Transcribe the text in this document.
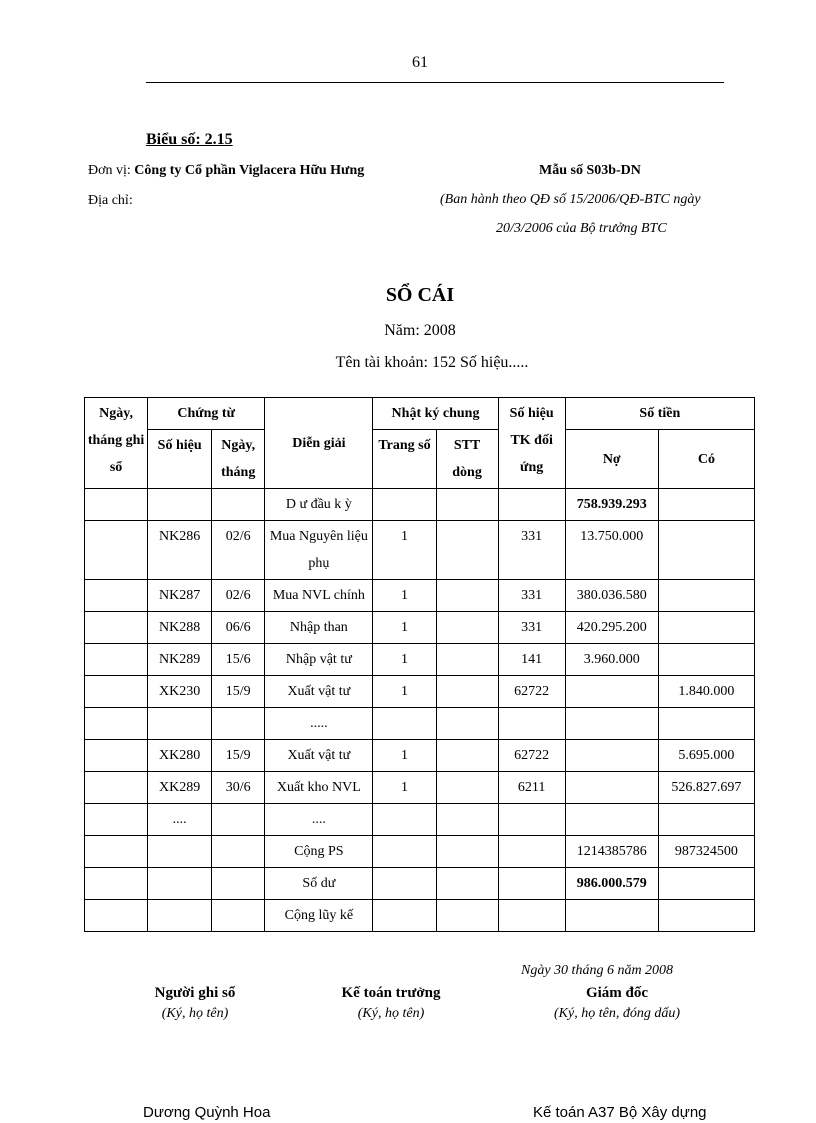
61
Biểu số: 2.15
Đơn vị: Công ty Cổ phần Viglacera Hữu Hưng
Địa chỉ:
Mẫu số S03b-DN
(Ban hành theo QĐ số 15/2006/QĐ-BTC ngày
20/3/2006 của Bộ trưởng BTC
SỔ CÁI
Năm: 2008
Tên tài khoản: 152 Số hiệu.....
Ngày, tháng ghi sổ	Chứng từ		Diễn giải	Nhật ký chung		Số hiệu TK đối ứng	Số tiền	
	Số hiệu	Ngày, tháng		Trang số	STT dòng		Nợ	Có
			D ư đầu k ỳ				758.939.293	
	NK286	02/6	Mua Nguyên liệu phụ	1		331	13.750.000	
	NK287	02/6	Mua NVL chính	1		331	380.036.580	
	NK288	06/6	Nhập than	1		331	420.295.200	
	NK289	15/6	Nhập vật tư	1		141	3.960.000	
	XK230	15/9	Xuất vật tư	1		62722		1.840.000
			.....					
	XK280	15/9	Xuất vật tư	1		62722		5.695.000
	XK289	30/6	Xuất kho NVL	1		6211		526.827.697
	....		....					
			Cộng PS				1214385786	987324500
			Số dư				986.000.579	
			Cộng lũy kế					
Ngày 30 tháng 6 năm 2008
Người ghi sổ
(Ký, họ tên)
Kế toán trưởng
(Ký, họ tên)
Giám đốc
(Ký, họ tên, đóng dấu)
Dương Quỳnh Hoa	Kế toán A37 Bộ Xây dựng
